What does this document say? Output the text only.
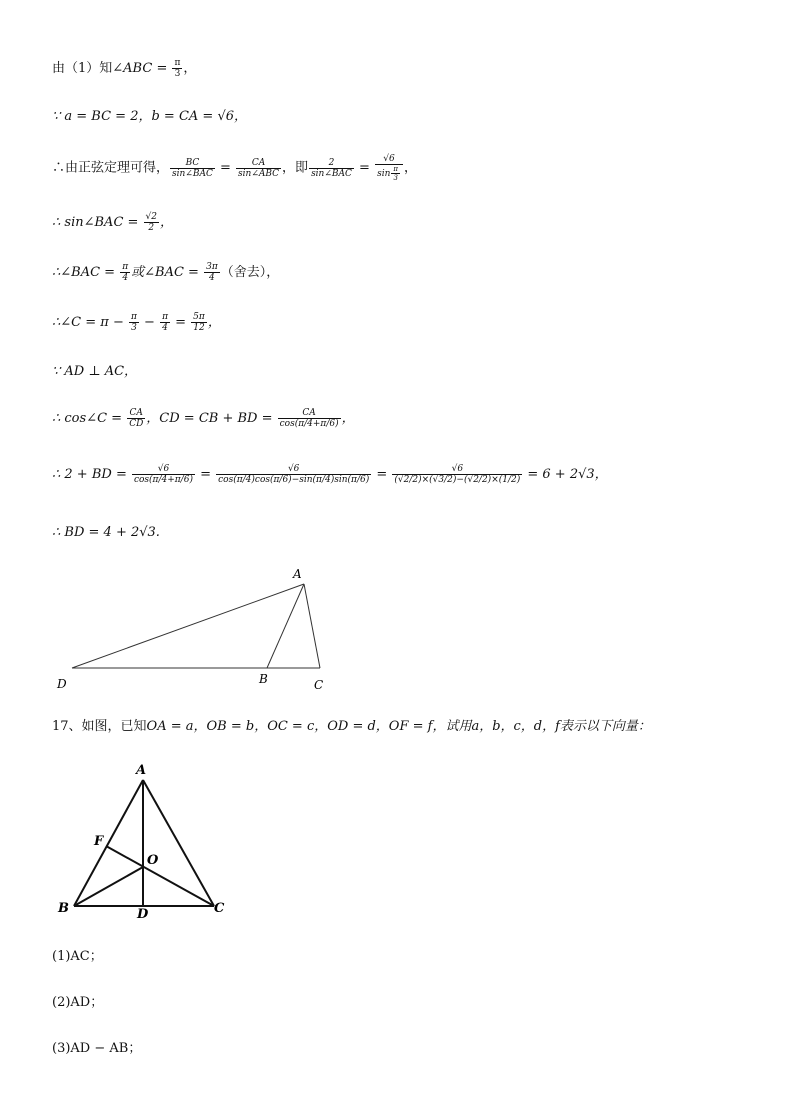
由（1）知∠ABC = $\frac{\pi}{3}$ ，
∵ a = BC = 2，b = CA = √6，
∴由正弦定理可得， $\frac{BC}{\text{sin∠BAC}} = \frac{CA}{\text{sin∠ABC}}$ ，即 $\frac{2}{\text{sin∠BAC}} = \frac{√6}{\sin \frac{\pi}{3}}$ ，
∴ sin∠BAC = $\frac{√2}{2}$ ，
∴∠BAC = $\frac{\pi}{4}$ 或∠BAC = $\frac{3\pi}{4}$ （舍去），
∴∠C = $\pi - \frac{\pi}{3} - \frac{\pi}{4} = \frac{5\pi}{12}$ ，
∵ AD ⊥ AC，
∴ cos∠C = $\frac{CA}{CD}$ ，CD = CB + BD = $\frac{CA}{\cos(\pi/4+\pi/6)}$ ，
∴ 2 + BD = $\frac{√6}{\cos(\pi/4+\pi/6)} = \frac{√6}{\cos(\pi/4)\cos(\pi/6)-\sin(\pi/4)\sin(\pi/6)} = \frac{√6}{(√2/2)\times(√3/2)-(√2/2)\times(1/2)} = 6 + 2√3$，
∴ BD = 4 + 2√3.
A
D	B	C
17、如图，已知OA = a，OB = b，OC = c，OD = d，OF = f，试用a，b，c，d，f表示以下向量：
A
F
O
B	D	C
(1)AC；
(2)AD；
(3)AD − AB；
